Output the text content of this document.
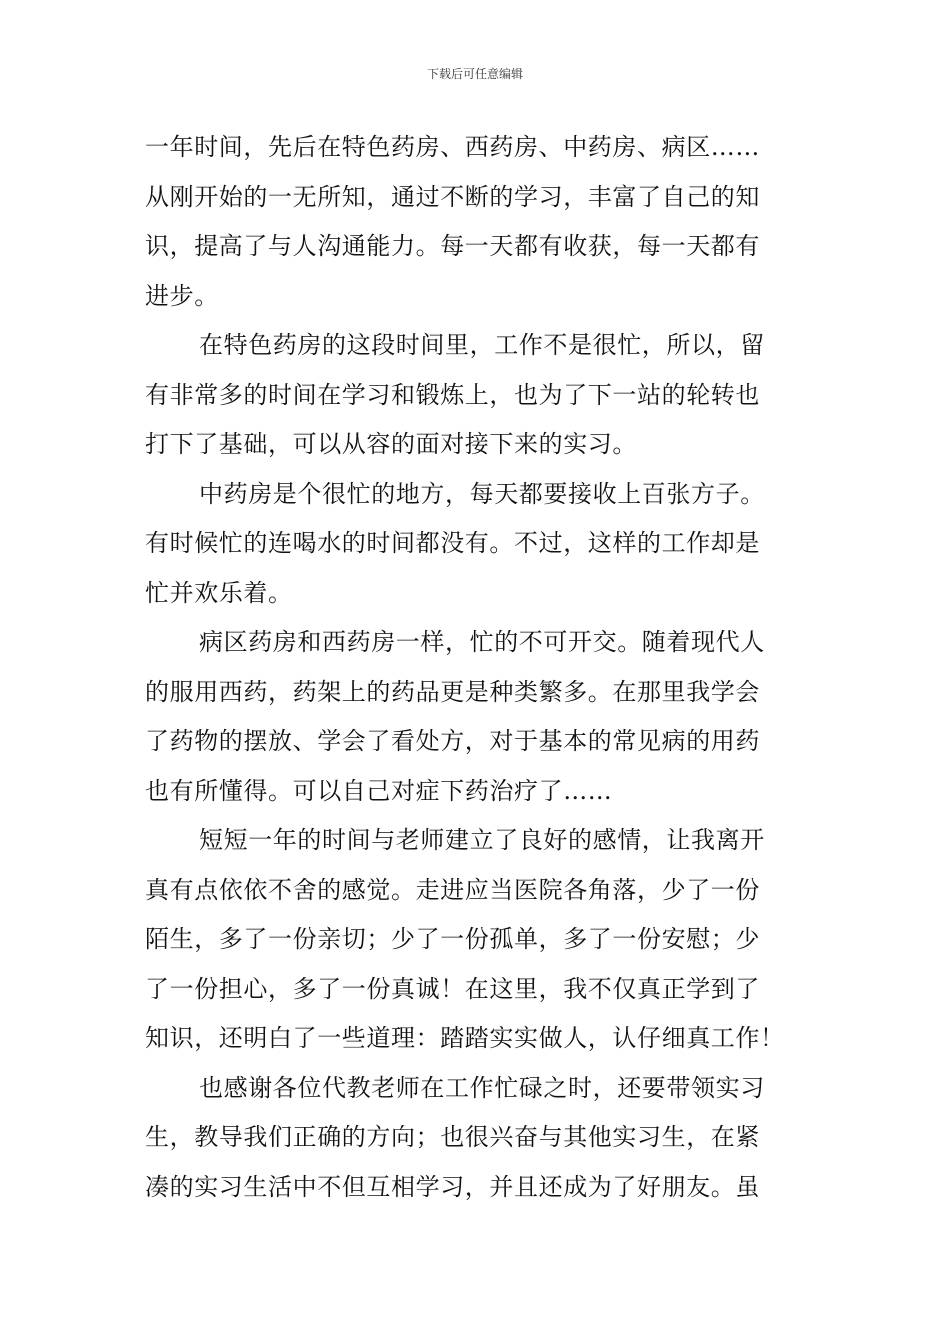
下载后可任意编辑
一年时间，先后在特色药房、西药房、中药房、病区……
从刚开始的一无所知，通过不断的学习，丰富了自己的知
识，提高了与人沟通能力。每一天都有收获，每一天都有
进步。
在特色药房的这段时间里，工作不是很忙，所以，留
有非常多的时间在学习和锻炼上，也为了下一站的轮转也
打下了基础，可以从容的面对接下来的实习。
中药房是个很忙的地方，每天都要接收上百张方子。
有时候忙的连喝水的时间都没有。不过，这样的工作却是
忙并欢乐着。
病区药房和西药房一样，忙的不可开交。随着现代人
的服用西药，药架上的药品更是种类繁多。在那里我学会
了药物的摆放、学会了看处方，对于基本的常见病的用药
也有所懂得。可以自己对症下药治疗了……
短短一年的时间与老师建立了良好的感情，让我离开
真有点依依不舍的感觉。走进应当医院各角落，少了一份
陌生，多了一份亲切；少了一份孤单，多了一份安慰；少
了一份担心，多了一份真诚！在这里，我不仅真正学到了
知识，还明白了一些道理：踏踏实实做人，认仔细真工作！
也感谢各位代教老师在工作忙碌之时，还要带领实习
生，教导我们正确的方向；也很兴奋与其他实习生，在紧
凑的实习生活中不但互相学习，并且还成为了好朋友。虽
